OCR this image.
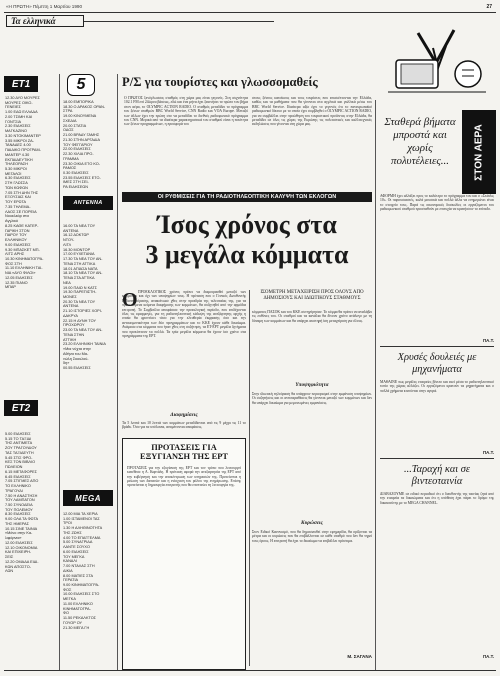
«Η ΠΡΩΤΗ» Πέμπτη 1 Μαρτίου 1990	27
Τα ελληνικά
ΕΤ1

12.30 ΔΥΟ ΜΟΥΡΕΣ

ΜΟΥΡΕΣ ΟΙΚΟ-

ΓΕΝΕΙΕΣ

1.00 ΕΔΩ ΕΛΛΑΔΑ

2.00 ΤΣΙΜΗ ΚΑΙ

ΓΟΝΤΣΙΑ

2.30 ΕΙΔΗΣΕΙΣ

ΜΑΓΚΑΖΙΝΟ

3.30 ΝΤΟΚΙΜΑΝΤΕΡ

3.55 ΜΙΚΡΟΙ ΖΑ-

ΤΑΝΑΔΕΣ 4.00

ΠΑΙΔΙΚΟ ΠΡΟΓΡΑΜ-

ΜΑΝΤΕΡ 4.30

ΕΚΠΑΙΔΕΥΤΙΚΗ

ΤΗΛΕΟΡΑΣΗ

5.30 ΜΙΚΡΟΙ

ΜΕΓΑΛΟΙ

6.30 ΕΙΔΗΣΕΙΣ

ΣΤΗ ΓΛΩΣΣΑ

ΤΩΝ ΚΩΦΩΝ

7.05 ΣΤΗ ΔΗΝ ΤΗΣ

ΕΞΟΥΣΙΑΣ ΚΑΙ

ΤΟΥ ΕΡΩΤΑ

7.35 ΤΗΛΕΜΑ-

ΛΑΟΣ ΣΕ ΠΟΡΕΙΑ

Νουκλεάρ στα

Αγγλικό

8.25 ΚΑΘΕ ΚΑΤΕΡ-

ΓΑΡΙΚΗ ΣΤΟΝ

ΠΑΡΟΥ ΤΟΥ

ΕΛΛΗΝΙΚΟΥ

9.00 ΕΙΔΗΣΕΙΣ

9.30 ΜΠΑΣΚΕΤ ΜΠ-

ΛΙΤΣ ΑΡΗΣ

10.30 ΚΙΝΗΜΑΤΟΓΡΑ-

ΦΟΣ ΣΤΗ

11.10 ΕΛΛΗΝΙΚΗ ΤΑΙ-

ΝΙΑ «ΔΥΟ ΦΙΛΟΙ»

12.05 ΕΙΔΗΣΕΙΣ

12.35 ΠΙΑΝΟ

ΜΠΑΡ

ΕΤ2

5.00 ΕΙΔΗΣΕΙΣ

5.15 ΤΟ ΤΑΞΙΔΙ

ΤΗΣ ΑΝΤΙΜΕΤΑ

ΖΟΥ ΤΡΑΓΟΥΔΙΟΥ

ΤΑΣ ΤΑΞΙΔΕΥΤΗ

5.45 ΣΤΙΣ ΦΡΟ-

ΚΕΣ ΤΟΝ ΒΙΒΛΙΟ

ΠΩΛΕΙΟΝ

6.15 ΜΕΤΑΦΟΡΕΣ

6.45 ΕΙΔΗΣΕΙΣ

7.05 ΣΤΙΓΜΕΣ ΑΠΟ

ΤΟ ΕΛΛΗΝΙΚΟ

ΤΡΑΓΟΥΔΙ

7.50 Η ΑΝΑΣΤΗΣΗ

ΤΟΥ ΛΑΜΠΑΤΟΝ

7.50 ΣΥΝΟΔΕΙΑ

ΤΟΥ ΠΟΛΕΜΟΥ

8.30 ΕΙΔΗΣΕΙΣ

9.00 ΟΛΑ ΤΑ ΦΩΤΑ

ΤΗΣ ΗΜΕΡΑΣ

10.15 ΣΙΝΕ ΤΑΙΝΙΑ

«Μόνο στην Κα-

λιφόρνια»

12.00 ΕΙΔΗΣΕΙΣ

12.10 ΟΙΚΟΝΟΜΙΑ

ΚΑΙ ΕΠΙΧΕΙΡΗ-

ΣΕΙΣ

12.20 ΟΜΑΔΑ ΕΙΔΙ-

ΚΩΝ ΑΠΟΣΤΟ-

ΛΩΝ

5

18.00 ΕΜΠΟΡΙΚΑ

18.30 Ο ΔΡΑΚΟΣ ΟΡΑΝ-

ΣΤΡΑ

19.00 ΚΙΝΟΥΜΕΝΑ

ΣΧΕΔΙΑ

20.00 ΣΤΑΤΙΑ

ΟΔΟΣ

21.00 ΒΡΑΔΥ ΓΑΜΗΣ

21.30 ΣΤΗΝ ΑΡΓΑΔΙΑ

ΤΟΥ ΦΕΓΓΑΡΙΟΥ

22.00 ΕΙΔΗΣΕΙΣ

22.30 ΧΙΛΙΑ ΠΡΟ-

ΓΡΑΜΜΑ

23.30 ΟΙΚΙΑ ΕΤΟ ΚΟ-

ΡΑΜΟΣ

0.30 ΕΙΔΗΣΕΙΣ

23.55 ΕΙΔΗΣΕΙΣ ΕΤΟ-

ΙΜΕΣ ΣΤΗ ΣΕΙ-

ΡΑ ΕΙΔΗΣΕΩΝ

ANTENNA

16.00 ΤΑ ΝΕΑ ΤΟΥ

ΑΝΤΕΝΑ

16.12 ΔΟΚΤΩΡ

ΝΤΟΥ-

ΛΙΤΛ

16.30 ΜΟΝΤΟΡ

17.00 ΕΥΧΕΤΑΝΙΑ

17.30 ΤΑ ΝΕΑ ΤΟΥ ΑΝ-

ΤΕΝΑ ΣΤΗ ΑΤΤΙΚΑ

18.01 ΑΠΙΑΣΑ ΝΑΤΑ

18.10 ΤΑ ΝΕΑ ΤΟΥ ΑΝ-

ΤΕΝΑ ΣΤΑ ΑΤΤΙΚΑ

ΝΕΑ

19.00 ΠΑΙΩ Ν ΚΑΤΣ

19.30 ΠΑΡΕΠΙΣΤΗ-

ΜΟΝΕΣ

20.30 ΤΑ ΝΕΑ ΤΟΥ

ΑΝΤΕΝΑ

21.10 ΙΣΤΟΡΙΕΣ ΧΟΡΙ-

ΔΑΚΡΥΑ

22.15 Η ΔΥΝΗ ΤΟΥ

ΠΡΟΧΩΡΟΥ

23.00 ΤΑ ΝΕΑ ΤΟΥ ΑΝ-

ΤΕΝΑ ΣΤΗΝ

ΑΤΤΙΚΗ

23.20 ΕΛΛΗΝΙΚΗ ΤΑΙΝΙΑ

«Μια νύχτα στην

Αθήνα του Μα-

νώλη Σκουλού-

δη»

00.55 ΕΙΔΗΣΕΙΣ

MEGA

12.00 ΜΙΑ ΤΑ ΧΕΡΙΑ

1.00 ΙΣΤΑΜΕΝΟΙ ΤΑΣ

ΤΡΟΙ

1.30 Η ΑΛΗΘΙΝΟΤΗΤΑ

ΤΗΣ ΖΩΗΣ

4.00 ΤΟ ΕΠΑΓΓΕΛΜΑ

5.00 ΣΥΝΑΓΡΙΔΑ

ΛΑΝΤΕ ΣΟΥΧΟ

6.00 ΕΙΔΗΣΕΙΣ

ΤΟΥ ΜΕΓΚΑ

ΚΑΝΑΛΙ

7.00 ΝΤΑΛΑΣ ΣΤΗ

ΔΙΚΙΑ

8.00 ΜΑΤΙΕΣ ΣΤΑ

ΓΕΡΑΤΙΑ

9.00 ΚΙΝΗΜΑΤΟΓΡΑ-

ΦΟΣ

10.00 ΕΙΔΗΣΕΙΣ ΣΤΟ

ΜΕΓΚΑ

11.00 ΕΛΛΗΝΙΚΟ

ΚΙΝΗΜΑΤΟΓΡΑ-

ΦΟ

11.50 ΡΕΚΑΛΚΤΟΣ

ΓΟΥΟΡ ΟΥ

21.30 ΜΕΓΑ ΓΗ

Ρ/Σ για τουρίστες και γλωσσομαθείς
Ο ΠΡΩΤΟΣ ξενόγλωσσος σταθμός στη χώρα μας είναι γεγονός. Στη συχνότητα 102.1 FM επί 24ώρου βάσεως, εδώ και ένα μήνα έχει ξεκινήσει το πρώτο του βήμα στον αέρα, το OLYMPIC ACTION RADIO. Ο σταθμός μεταδίδει το πρόγραμμα του ξένων σταθμών BBC World Service, CNN Radio και VOA Europe. Μεταξύ των άλλων έχει την πρώτη στο να μεταδίδει το διεθνές ραδιοφωνικό πρόγραμμα του CNN. Μερικά από τα ιδιαίτερα χαρακτηριστικά του σταθμού είναι η ποιότητα των ξένων προγραμμάτων, η προσφορά του
στους ξένους κατοίκους και τους τουρίστες που επισκέπτονται την Ελλάδα, καθώς και τα μαθήματα που θα γίνονται στα αγγλικά και γαλλικά μέσω του BBC World Service. Ιδιαίτερα αξίο έχει το γεγονός ότι το πανευρωπαϊκό ραδιοφωνικό δίκτυο με το οποίο έχει συμβληθεί ο OLYMPIC ACTION RADIO, για να συμβάλλει στην προώθηση του τουριστικού προϊόντος στην Ελλάδα, θα μεταδίδει σε όλες τις χώρες της Ευρώπης τις πολιτιστικές και καλλιτεχνικές εκδηλώσεις που γίνονται στη χώρα μας.	ΣΤΟΝ ΑΕΡΑ
ΟΙ ΡΥΘΜΙΣΕΙΣ ΓΙΑ ΤΗ ΡΑΔΙΟΤΗΛΕΟΠΤΙΚΗ ΚΑΛΥΨΗ ΤΩΝ ΕΚΛΟΓΩΝ
Ίσος χρόνος στα
3 μεγάλα κόμματα
Ο ΠΡΟΕΚΛΟΓΙΚΟΣ χρόνος πρέπει να διαμοιρασθεί μεταξύ των κομμάτων και όχι των υποψηφίων τους. Η πρόταση που ο Γενικός Διευθυντής Ραδιοτηλεόρασης, ανακοίνωσε χθες στην προεδρία της τελευταίας της, για τα προτεινόμενα κείμενα διαφήμισης των κομμάτων, θα συζητηθεί από την αρμόδια επιτροπή. Το Συμβούλιο αποφάσισε την προεκλογική περίοδο, που επιδέχονται όλες τις εφαρμογές, για τη ραδιοτηλεοπτική κάλυψη της ανεξάρτητης αρχής η οποία θα φροντίσει τόσο για την ελευθερία έκφρασης όσο και την αντικειμενικότητα των δύο προγραμμάτων και το ΚΚΕ έχουν κάθε δικαίωμα. Ανάμεσα στα κόμματα που ήταν χθες στη συζήτηση, τα ΕΤ-ΕΡΤ μεγάλα ζητήματα που προκύπτουν τα πολλά. Τα τρία μεγάλα κόμματα θα έχουν ίσο χρόνο στα προγράμματα της ΕΡΤ.
Διαφημίσεις
Τα 5 λεπτά και 10 λεπτά των κομμάτων μεταδίδονται από τις 9 μέχρι τις 11 το βράδυ. Όσο για τα υπόλοιπα, αναμένονται αποφάσεις.
ΠΡΟΤΑΣΕΙΣ ΓΙΑ ΕΞΥΓΙΑΝΣΗ ΤΗΣ ΕΡΤ
ΠΡΟΤΑΣΕΙΣ για την εξυγίανση της ΕΡΤ και τον τρόπο που λειτουργεί κατέθεσε η Α. Καρτάλη. Η πρόταση αφορά την ανεξαρτησία της ΕΡΤ από την κυβέρνηση και την αποκέντρωση των υπηρεσιών της. Προτείνεται η μείωση των δαπανών και η ενίσχυση του ρόλου της ενημέρωσης. Επίσης προτείνεται η δημιουργία επιτροπής που θα εποπτεύει τη λειτουργία της.
ΙΣΟΜΕΤΡΗ ΜΕΤΑΧΕΙΡΙΣΗ ΠΡΟΣ ΟΛΟΥΣ ΑΠΟ ΔΗΜΟΣΙΟΥΣ ΚΑΙ ΙΔΙΩΤΙΚΟΥΣ ΣΤΑΘΜΟΥΣ
κόμματος ΠΑΣΟΚ και του ΚΚΕ συνηγόρησαν. Το κόμμα θα πρέπει να αναλάβει τις ευθύνες του. Οι σταθμοί και τα κανάλια θα δίνουν χρόνο ανάλογο με τη δύναμη των κομμάτων και θα υπάρχει αυστηρή ίση μεταχείριση για όλους.
Υποψηφιότητα
Στην ιδιωτική τηλεόραση θα υπάρχουν περιορισμοί στην εμφάνιση υποψηφίων. Οι συζητήσεις και οι αντιπαραθέσεις θα γίνονται μεταξύ των κομμάτων και δεν θα υπάρχει δικαίωμα για μεμονωμένες εμφανίσεις.
Κυρώσεις
Στον Ειδικό Κανονισμό, που θα δημοσιευθεί στην εφημερίδα, θα ορίζονται τα μέτρα και οι κυρώσεις που θα επιβάλλονται σε κάθε σταθμό που δεν θα τηρεί τους όρους. Η επιτροπή θα έχει το δικαίωμα να επιβάλλει πρόστιμα.
Μ. ΣΑΓΑΝΑ
Σταθερά βήματα μπροστά και χωρίς πολυτέλειες...
ΑΦΟΡΜΗ έχει αλλάξει προς το καλύτερο το πρόγραμμα του και ο «Σκάιλις 10». Οι παρουσιαστές, καλά μουσικά και πολλά άλλα να ενημερώνει είναι το στοιχείο τους. Παρά τις οικονομικές δυσκολίες οι εργαζόμενοι του ραδιοφωνικού σταθμού προσπαθούν με επιτυχία να κρατήσουν το επίπεδο.
ΠΑ.Τ.
Χρυσές δουλειές με μηχανήματα
ΜΑΘΑΙΝΕ πως μεγάλες εταιρείες βίντεο και εκεί μέσα το ραδιοτηλεοπτικό τοπίο της χώρας αλλάζει. Οι εργαζόμενοι κρατούν τα μηχανήματα και ο πολλά χρήματα κινούνται στην αγορά.
ΠΑ.Τ.
...Ταραχή και σε βιντεοταινία
ΔΙΑΒΑΖΟΥΜΕ σε ειδικό περιοδικό ότι ο διευθυντής της ταινίας ζητά από την εταιρεία τα δικαιώματα και ότι η υπόθεση έχει πάρει το δρόμο της δικαιοσύνης με το MEGA CHANNEL.
ΠΑ.Τ.
